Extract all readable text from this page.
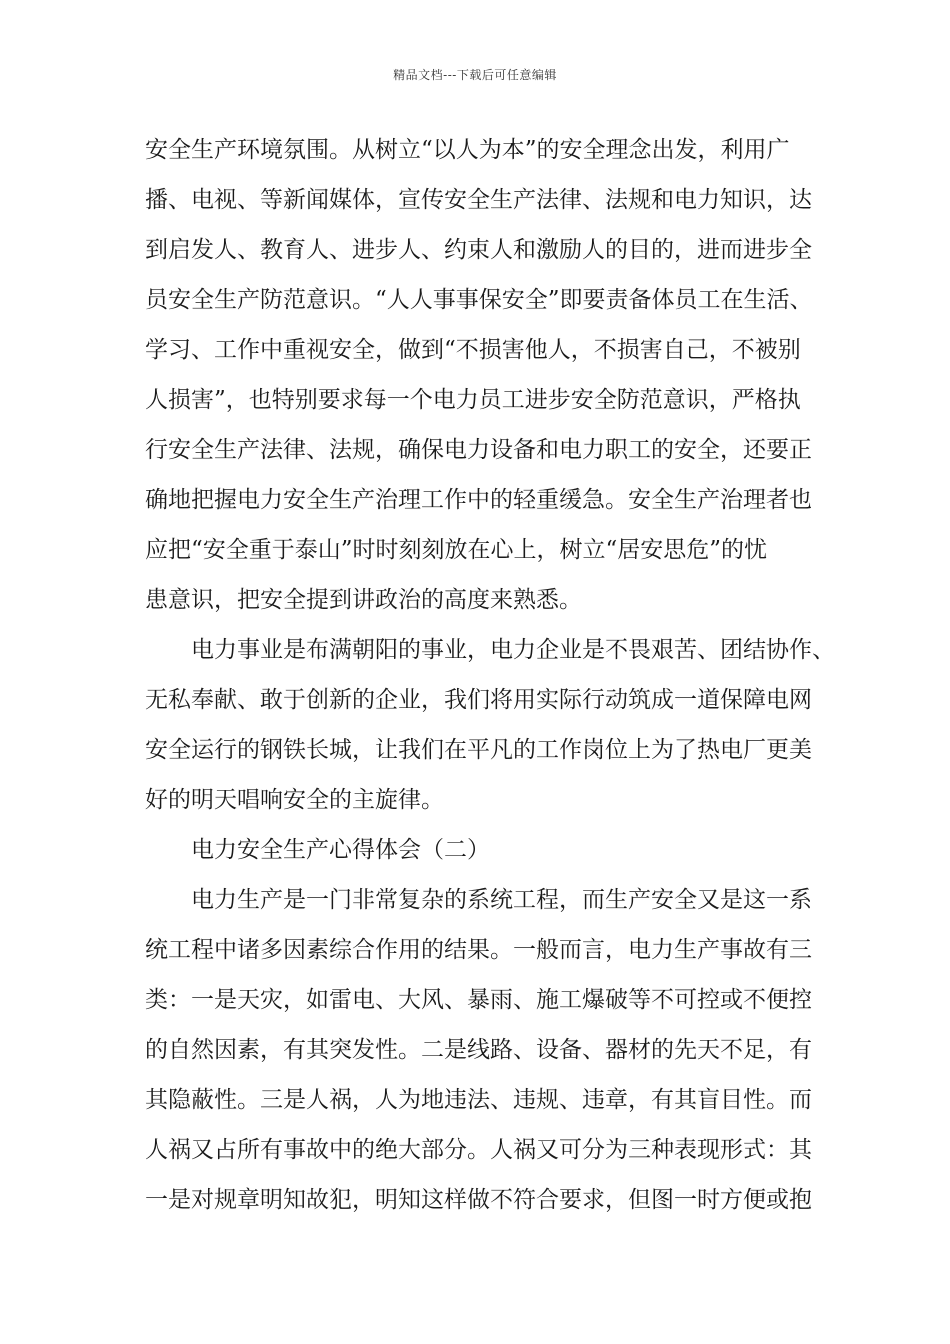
精品文档---下载后可任意编辑
安全生产环境氛围。从树立“以人为本”的安全理念出发，利用广
播、电视、等新闻媒体，宣传安全生产法律、法规和电力知识，达
到启发人、教育人、进步人、约束人和激励人的目的，进而进步全
员安全生产防范意识。“人人事事保安全”即要责备体员工在生活、
学习、工作中重视安全，做到“不损害他人，不损害自己，不被别
人损害”，也特别要求每一个电力员工进步安全防范意识，严格执
行安全生产法律、法规，确保电力设备和电力职工的安全，还要正
确地把握电力安全生产治理工作中的轻重缓急。安全生产治理者也
应把“安全重于泰山”时时刻刻放在心上，树立“居安思危”的忧
患意识，把安全提到讲政治的高度来熟悉。
电力事业是布满朝阳的事业，电力企业是不畏艰苦、团结协作、
无私奉献、敢于创新的企业，我们将用实际行动筑成一道保障电网
安全运行的钢铁长城，让我们在平凡的工作岗位上为了热电厂更美
好的明天唱响安全的主旋律。
电力安全生产心得体会（二）
电力生产是一门非常复杂的系统工程，而生产安全又是这一系
统工程中诸多因素综合作用的结果。一般而言，电力生产事故有三
类：一是天灾，如雷电、大风、暴雨、施工爆破等不可控或不便控
的自然因素，有其突发性。二是线路、设备、器材的先天不足，有
其隐蔽性。三是人祸，人为地违法、违规、违章，有其盲目性。而
人祸又占所有事故中的绝大部分。人祸又可分为三种表现形式：其
一是对规章明知故犯，明知这样做不符合要求，但图一时方便或抱
